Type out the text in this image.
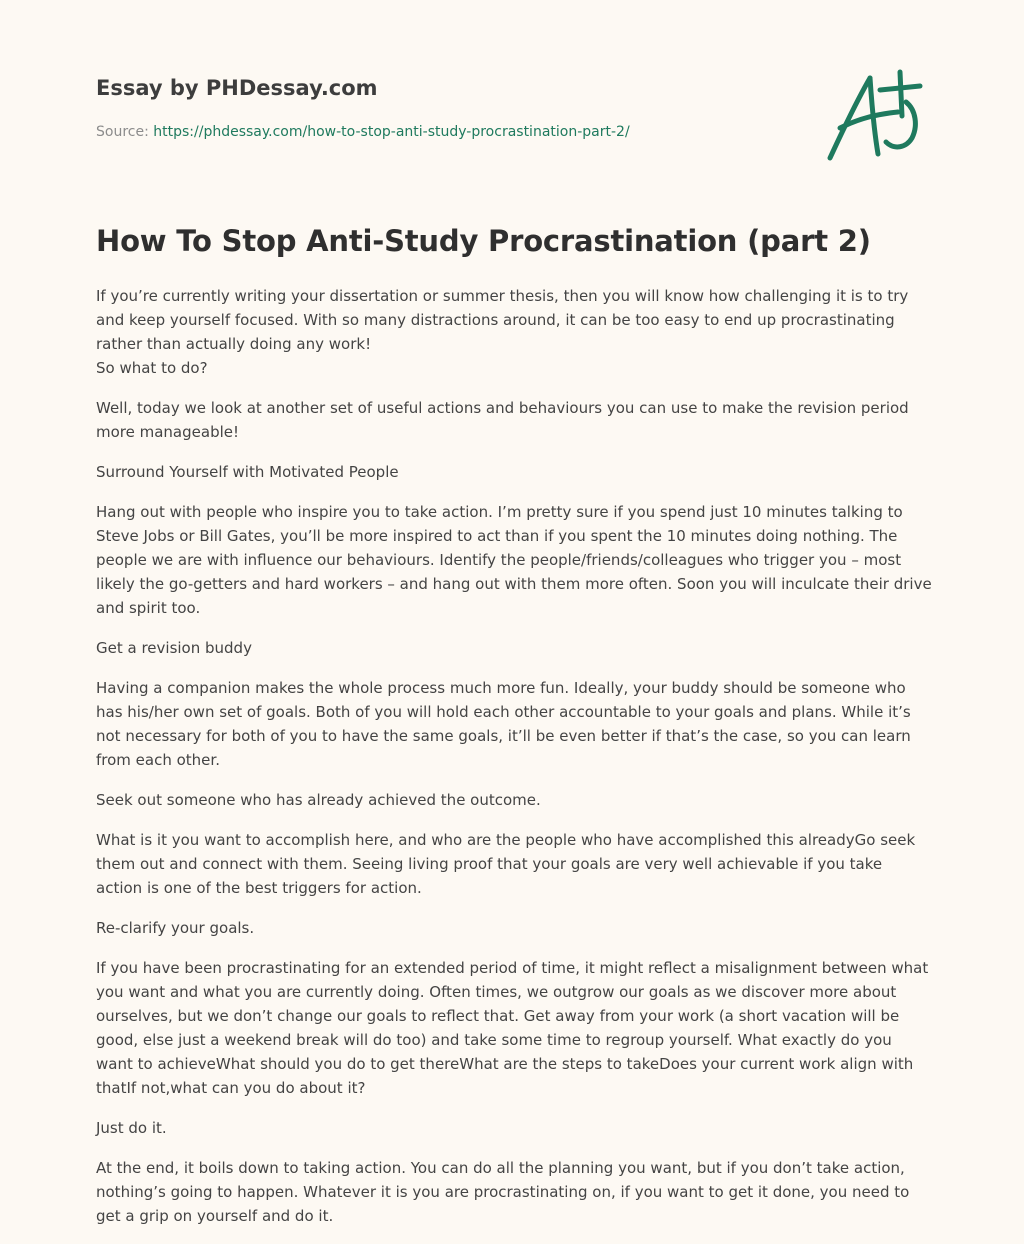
Essay by PHDessay.com
Source: https://phdessay.com/how-to-stop-anti-study-procrastination-part-2/
How To Stop Anti-Study Procrastination (part 2)

If you’re currently writing your dissertation or summer thesis, then you will know how challenging it is to try and keep yourself focused. With so many distractions around, it can be too easy to end up procrastinating rather than actually doing any work!

So what to do?

Well, today we look at another set of useful actions and behaviours you can use to make the revision period more manageable!

Surround Yourself with Motivated People

Hang out with people who inspire you to take action. I’m pretty sure if you spend just 10 minutes talking to Steve Jobs or Bill Gates, you’ll be more inspired to act than if you spent the 10 minutes doing nothing. The people we are with influence our behaviours. Identify the people/friends/colleagues who trigger you – most likely the go-getters and hard workers – and hang out with them more often. Soon you will inculcate their drive and spirit too.

Get a revision buddy

Having a companion makes the whole process much more fun. Ideally, your buddy should be someone who has his/her own set of goals. Both of you will hold each other accountable to your goals and plans. While it’s not necessary for both of you to have the same goals, it’ll be even better if that’s the case, so you can learn from each other.

Seek out someone who has already achieved the outcome.

What is it you want to accomplish here, and who are the people who have accomplished this alreadyGo seek them out and connect with them. Seeing living proof that your goals are very well achievable if you take action is one of the best triggers for action.

Re-clarify your goals.

If you have been procrastinating for an extended period of time, it might reflect a misalignment between what you want and what you are currently doing. Often times, we outgrow our goals as we discover more about ourselves, but we don’t change our goals to reflect that. Get away from your work (a short vacation will be good, else just a weekend break will do too) and take some time to regroup yourself. What exactly do you want to achieveWhat should you do to get thereWhat are the steps to takeDoes your current work align with thatIf not,what can you do about it?

Just do it.

At the end, it boils down to taking action. You can do all the planning you want, but if you don’t take action, nothing’s going to happen. Whatever it is you are procrastinating on, if you want to get it done, you need to get a grip on yourself and do it.
